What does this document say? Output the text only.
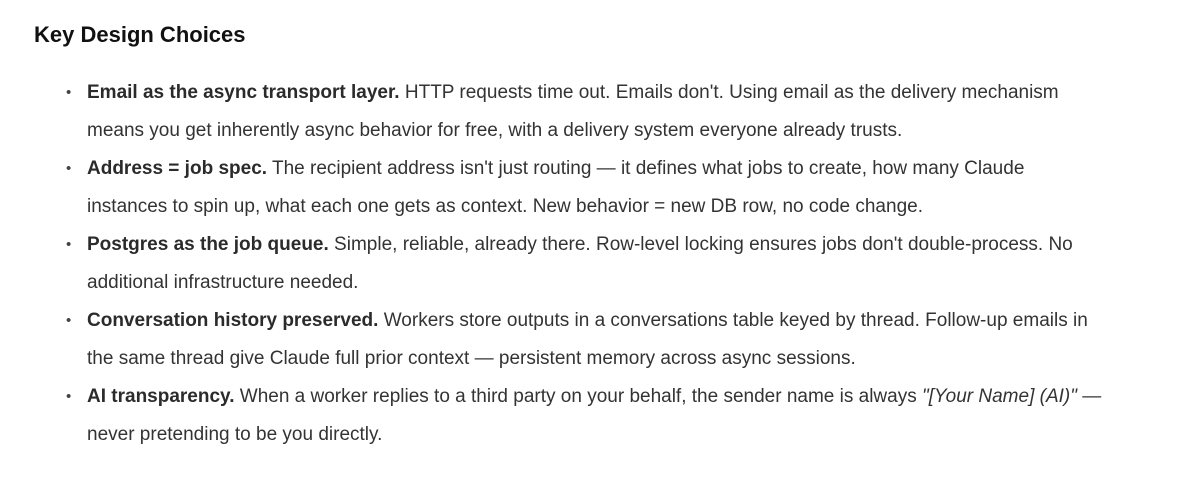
Key Design Choices
• Email as the async transport layer. HTTP requests time out. Emails don't. Using email as the delivery mechanism means you get inherently async behavior for free, with a delivery system everyone already trusts.
• Address = job spec. The recipient address isn't just routing — it defines what jobs to create, how many Claude instances to spin up, what each one gets as context. New behavior = new DB row, no code change.
• Postgres as the job queue. Simple, reliable, already there. Row-level locking ensures jobs don't double-process. No additional infrastructure needed.
• Conversation history preserved. Workers store outputs in a conversations table keyed by thread. Follow-up emails in the same thread give Claude full prior context — persistent memory across async sessions.
• AI transparency. When a worker replies to a third party on your behalf, the sender name is always "[Your Name] (AI)" — never pretending to be you directly.
